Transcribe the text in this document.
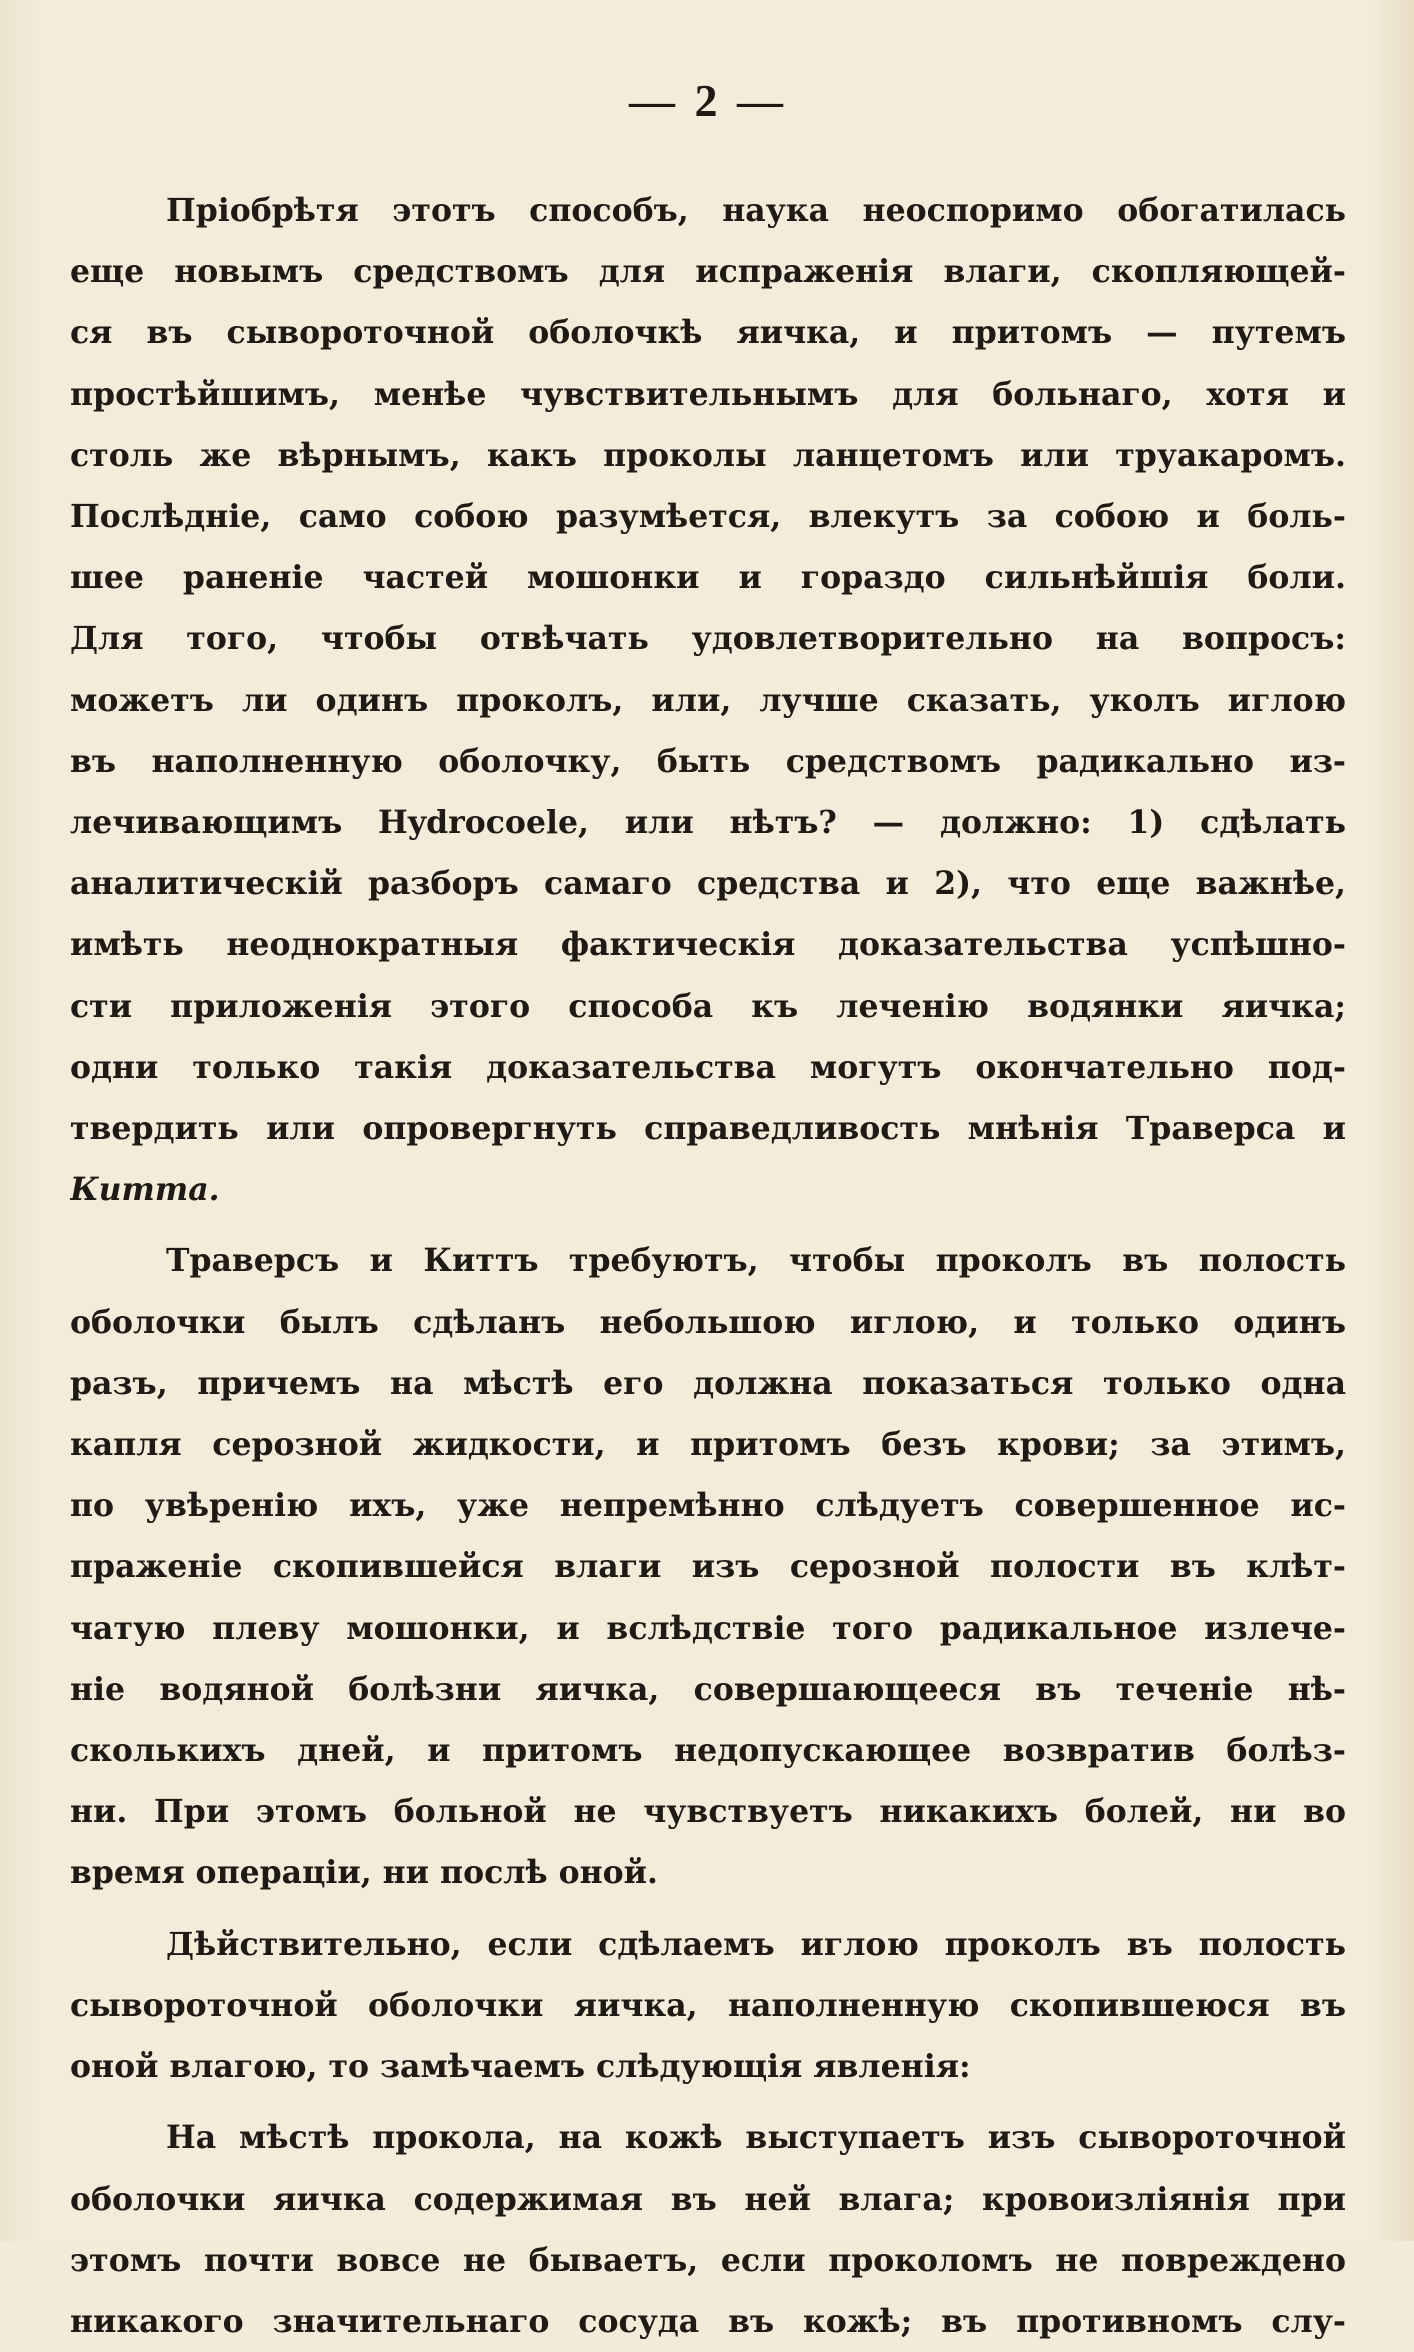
— 2 —
Пріобрѣтя этотъ способъ, наука неоспоримо обогатилась
еще новымъ средствомъ для испраженія влаги, скопляющей-
ся въ сывороточной оболочкѣ яичка, и притомъ — путемъ
простѣйшимъ, менѣе чувствительнымъ для больнаго, хотя и
столь же вѣрнымъ, какъ проколы ланцетомъ или труакаромъ.
Послѣдніе, само собою разумѣется, влекутъ за собою и боль-
шее раненіе частей мошонки и гораздо сильнѣйшія боли.
Для того, чтобы отвѣчать удовлетворительно на вопросъ:
можетъ ли одинъ проколъ, или, лучше сказать, уколъ иглою
въ наполненную оболочку, быть средствомъ радикально из-
лечивающимъ Hydrocoele, или нѣтъ? — должно: 1) сдѣлать
аналитическій разборъ самаго средства и 2), что еще важнѣе,
имѣть неоднократныя фактическія доказательства успѣшно-
сти приложенія этого способа къ леченію водянки яичка;
одни только такія доказательства могутъ окончательно под-
твердить или опровергнуть справедливость мнѣнія Траверса и
Китта.
Траверсъ и Киттъ требуютъ, чтобы проколъ въ полость
оболочки былъ сдѣланъ небольшою иглою, и только одинъ
разъ, причемъ на мѣстѣ его должна показаться только одна
капля серозной жидкости, и притомъ безъ крови; за этимъ,
по увѣренію ихъ, уже непремѣнно слѣдуетъ совершенное ис-
праженіе скопившейся влаги изъ серозной полости въ клѣт-
чатую плеву мошонки, и вслѣдствіе того радикальное излече-
ніе водяной болѣзни яичка, совершающееся въ теченіе нѣ-
сколькихъ дней, и притомъ недопускающее возвратив болѣз-
ни. При этомъ больной не чувствуетъ никакихъ болей, ни во
время операціи, ни послѣ оной.
Дѣйствительно, если сдѣлаемъ иглою проколъ въ полость
сывороточной оболочки яичка, наполненную скопившеюся въ
оной влагою, то замѣчаемъ слѣдующія явленія:
На мѣстѣ прокола, на кожѣ выступаетъ изъ сывороточной
оболочки яичка содержимая въ ней влага; кровоизліянія при
этомъ почти вовсе не бываетъ, если проколомъ не повреждено
никакого значительнаго сосуда въ кожѣ; въ противномъ слу-
